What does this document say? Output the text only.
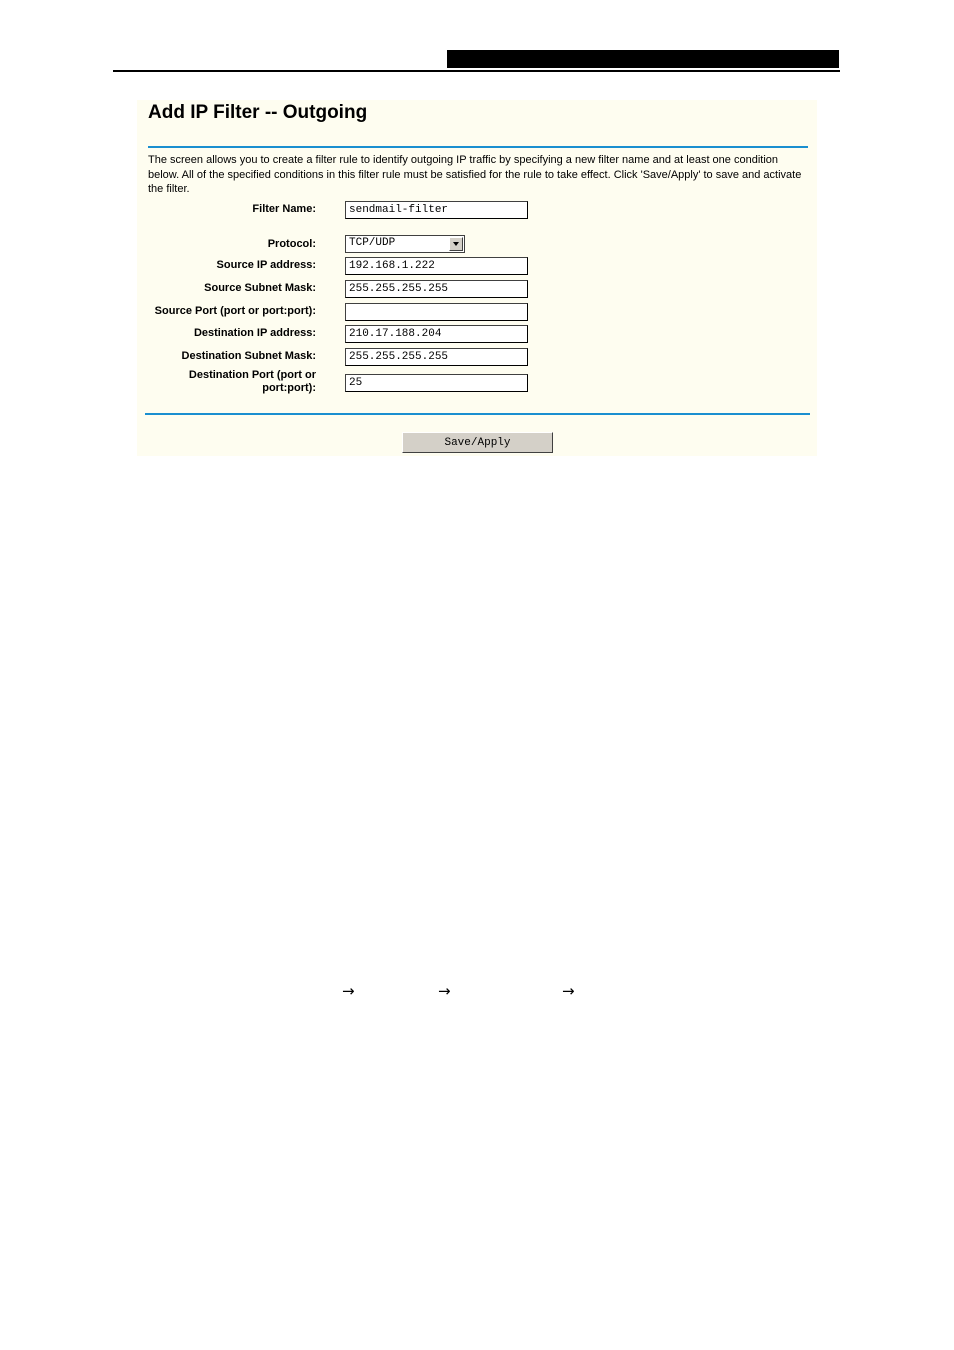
Add IP Filter -- Outgoing
The screen allows you to create a filter rule to identify outgoing IP traffic by specifying a new filter name and at least one condition below. All of the specified conditions in this filter rule must be satisfied for the rule to take effect. Click 'Save/Apply' to save and activate the filter.
Filter Name:
sendmail-filter
Protocol:	TCP/UDP
Source IP address:
192.168.1.222
Source Subnet Mask:
255.255.255.255
Source Port (port or port:port):
Destination IP address:
210.17.188.204
Destination Subnet Mask:
255.255.255.255
Destination Port (port or port:port):
25
Save/Apply
→	→	→
